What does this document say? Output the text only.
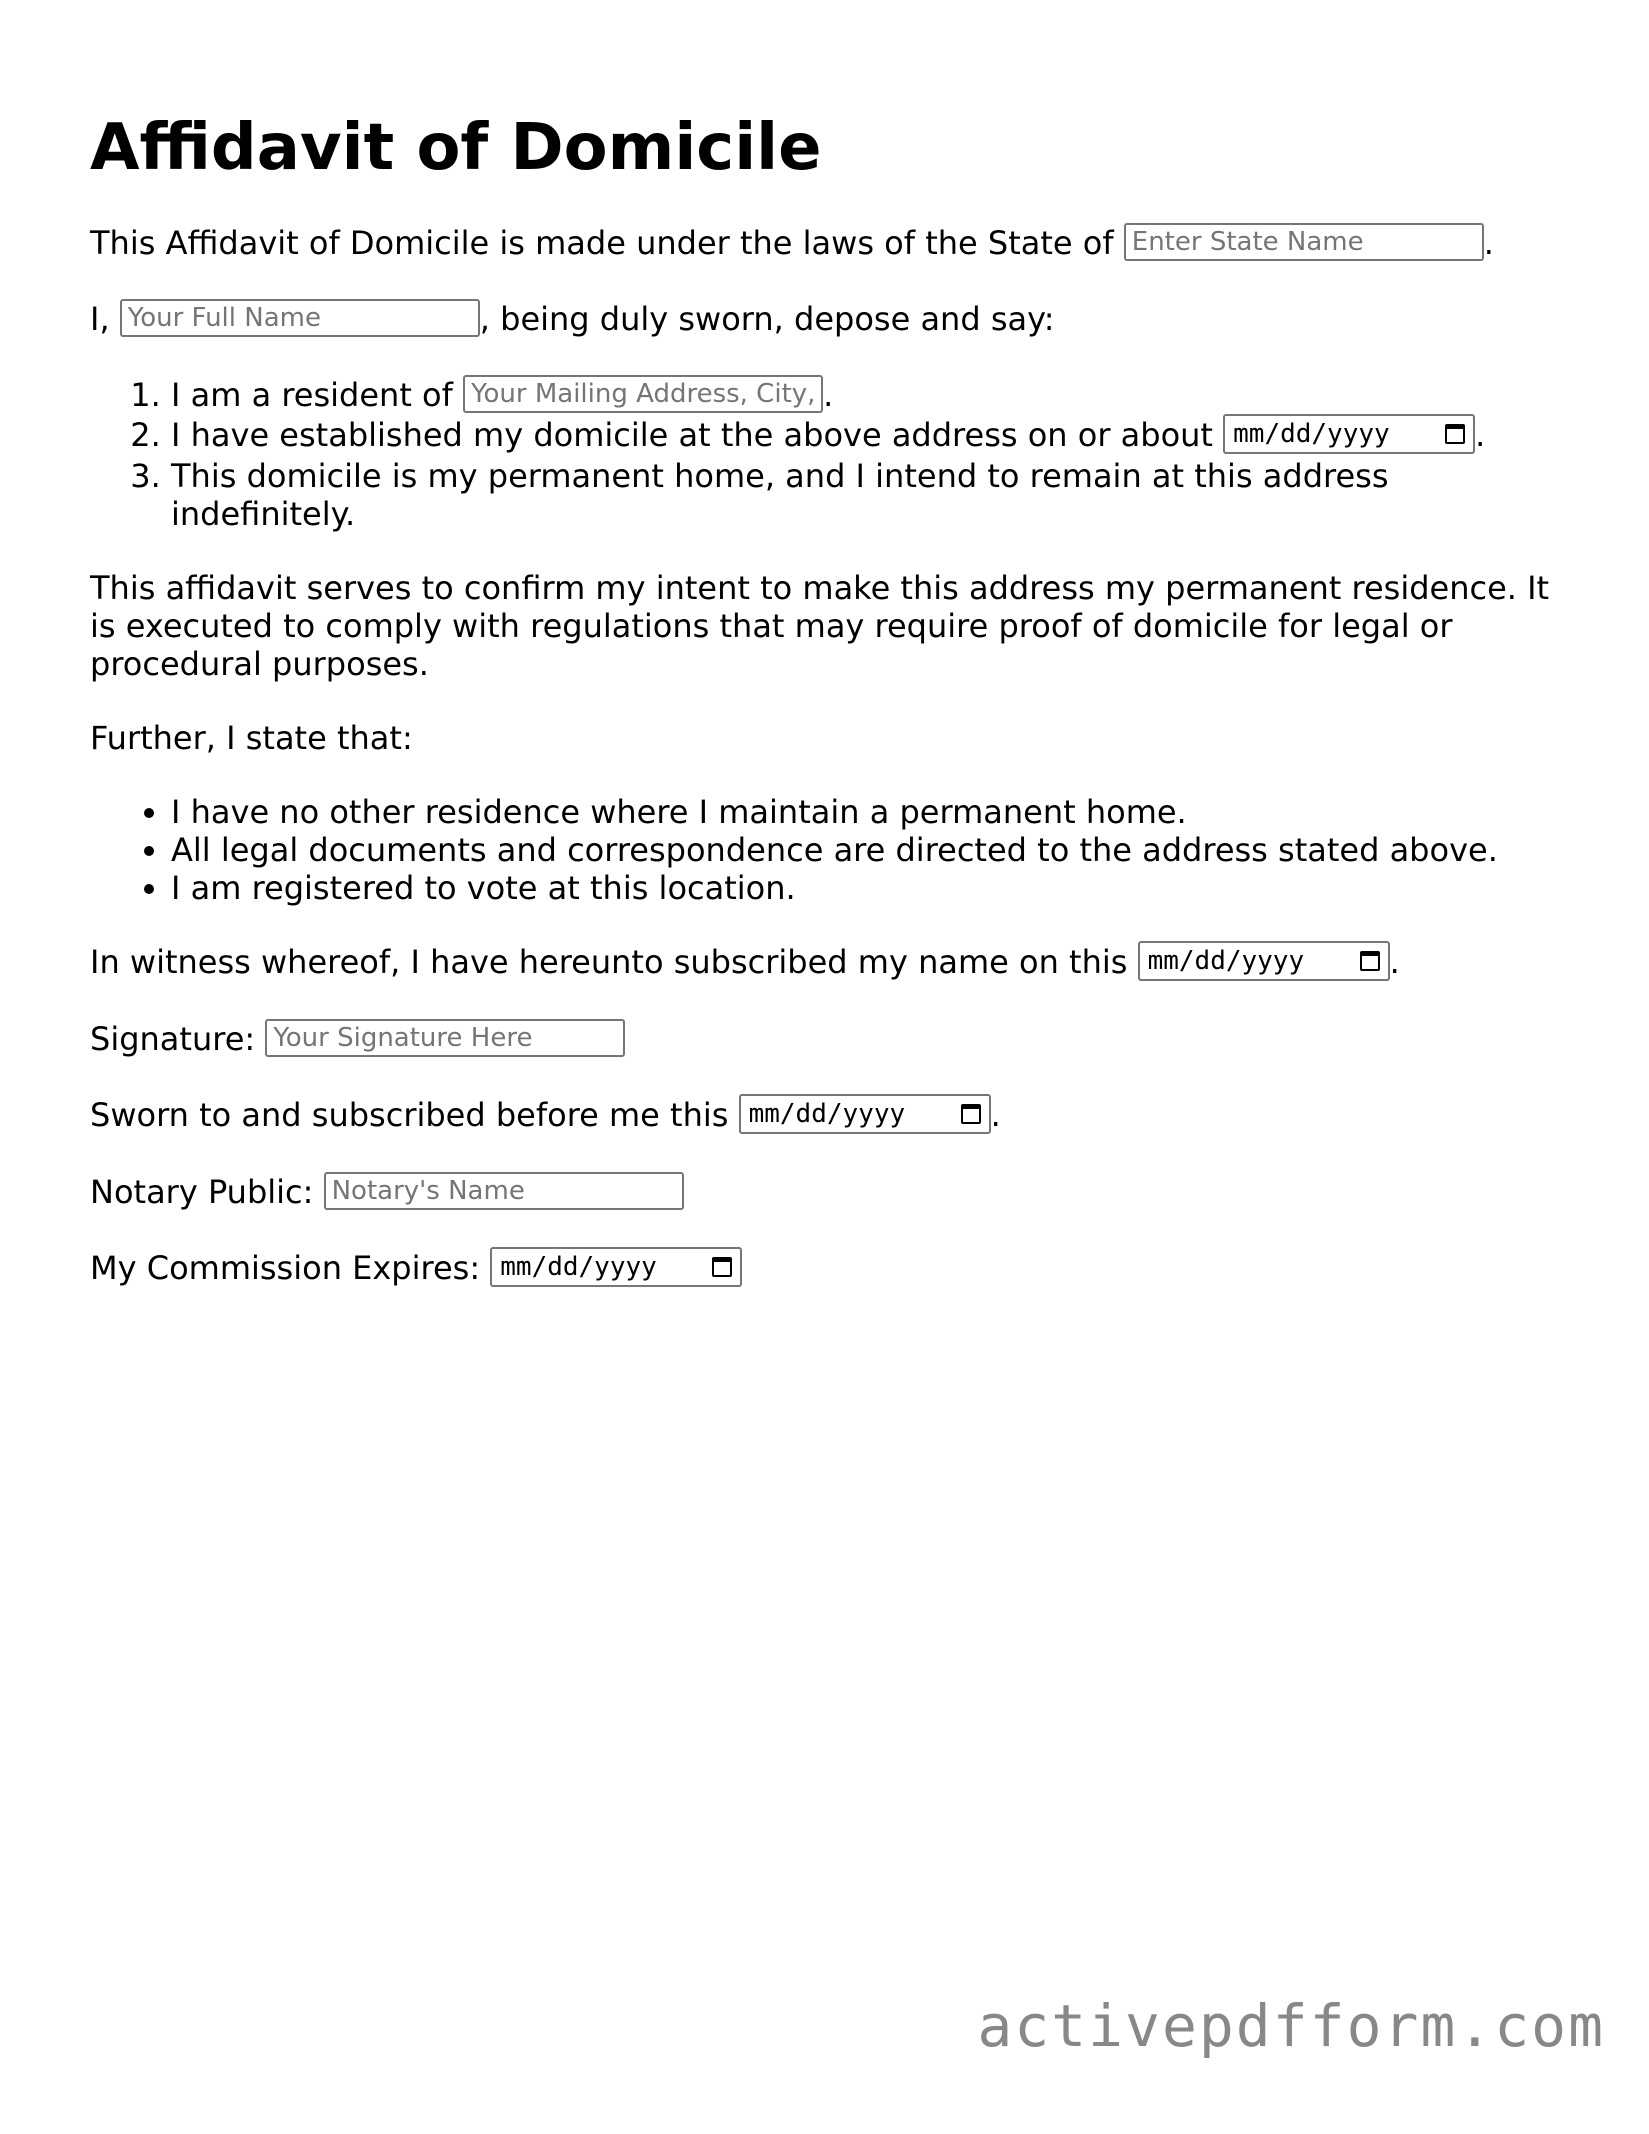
Affidavit of Domicile

This Affidavit of Domicile is made under the laws of the State of Enter State Name	.

I, Your Full Name	, being duly sworn, depose and say:

1. I am a resident of Your Mailing Address, City, State, Zip	.
2. I have established my domicile at the above address on or about mm/dd/yyyy	.
3. This domicile is my permanent home, and I intend to remain at this address indefinitely.

This affidavit serves to confirm my intent to make this address my permanent residence. It is executed to comply with regulations that may require proof of domicile for legal or procedural purposes.

Further, I state that:

• I have no other residence where I maintain a permanent home.
• All legal documents and correspondence are directed to the address stated above.
• I am registered to vote at this location.

In witness whereof, I have hereunto subscribed my name on this mm/dd/yyyy	.

Signature: Your Signature Here

Sworn to and subscribed before me this mm/dd/yyyy	.

Notary Public: Notary's Name

My Commission Expires: mm/dd/yyyy

activepdfform.com
